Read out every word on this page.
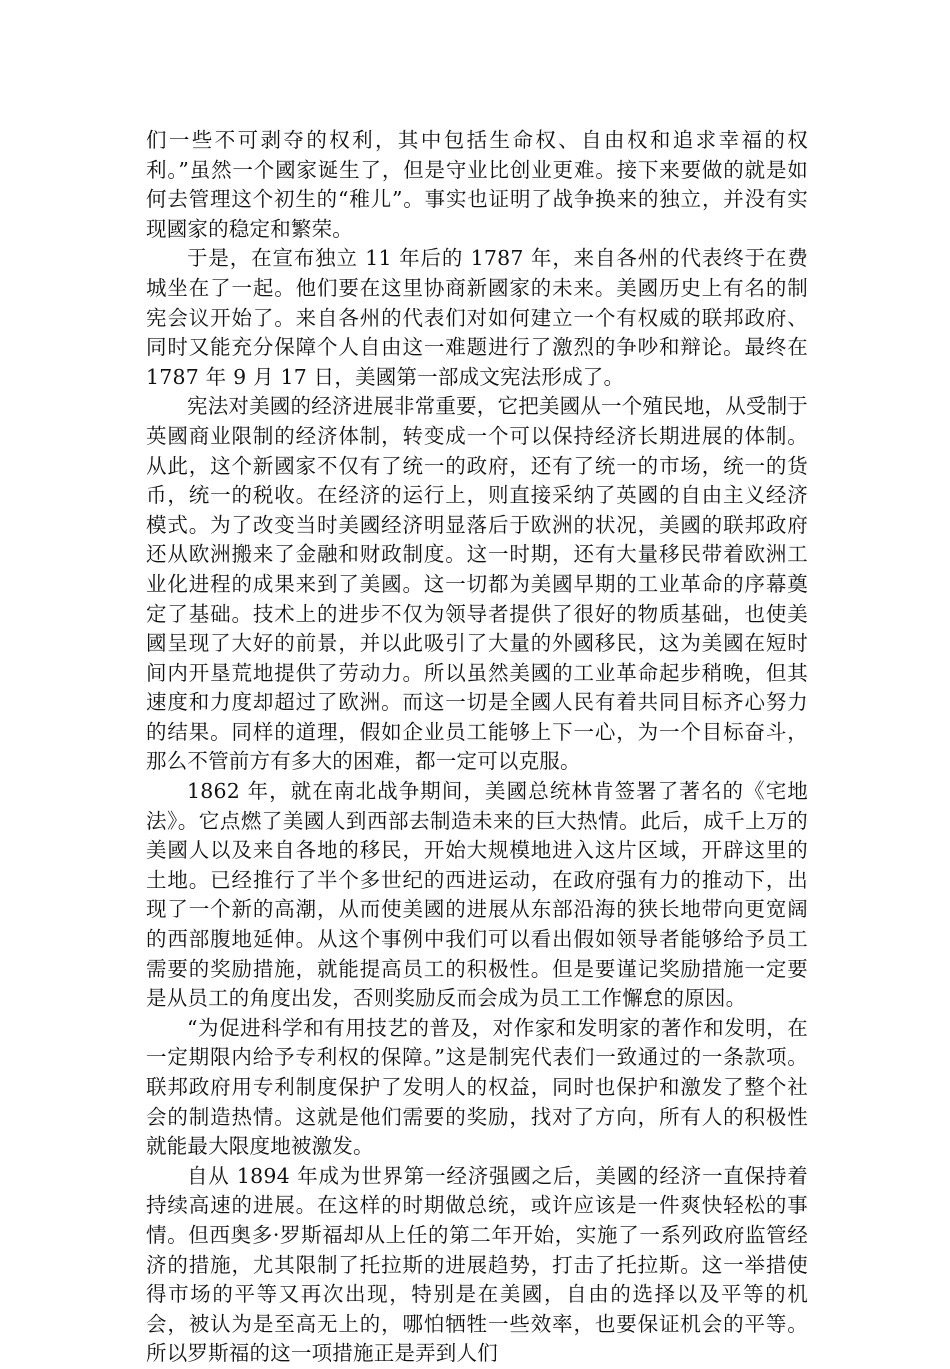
们一些不可剥夺的权利，其中包括生命权、自由权和追求幸福的权利。”虽然一个國家诞生了，但是守业比创业更难。接下来要做的就是如何去管理这个初生的“稚儿”。事实也证明了战争换来的独立，并没有实现國家的稳定和繁荣。

于是，在宣布独立 11 年后的 1787 年，来自各州的代表终于在费城坐在了一起。他们要在这里协商新國家的未来。美國历史上有名的制宪会议开始了。来自各州的代表们对如何建立一个有权威的联邦政府、同时又能充分保障个人自由这一难题进行了激烈的争吵和辩论。最终在 1787 年 9 月 17 日，美國第一部成文宪法形成了。

宪法对美國的经济进展非常重要，它把美國从一个殖民地，从受制于英國商业限制的经济体制，转变成一个可以保持经济长期进展的体制。从此，这个新國家不仅有了统一的政府，还有了统一的市场，统一的货币，统一的税收。在经济的运行上，则直接采纳了英國的自由主义经济模式。为了改变当时美國经济明显落后于欧洲的状况，美國的联邦政府还从欧洲搬来了金融和财政制度。这一时期，还有大量移民带着欧洲工业化进程的成果来到了美國。这一切都为美國早期的工业革命的序幕奠定了基础。技术上的进步不仅为领导者提供了很好的物质基础，也使美國呈现了大好的前景，并以此吸引了大量的外國移民，这为美國在短时间内开垦荒地提供了劳动力。所以虽然美國的工业革命起步稍晚，但其速度和力度却超过了欧洲。而这一切是全國人民有着共同目标齐心努力的结果。同样的道理，假如企业员工能够上下一心，为一个目标奋斗，那么不管前方有多大的困难，都一定可以克服。

1862 年，就在南北战争期间，美國总统林肯签署了著名的《宅地法》。它点燃了美國人到西部去制造未来的巨大热情。此后，成千上万的美國人以及来自各地的移民，开始大规模地进入这片区域，开辟这里的土地。已经推行了半个多世纪的西进运动，在政府强有力的推动下，出现了一个新的高潮，从而使美國的进展从东部沿海的狭长地带向更宽阔的西部腹地延伸。从这个事例中我们可以看出假如领导者能够给予员工需要的奖励措施，就能提高员工的积极性。但是要谨记奖励措施一定要是从员工的角度出发，否则奖励反而会成为员工工作懈怠的原因。

“为促进科学和有用技艺的普及，对作家和发明家的著作和发明，在一定期限内给予专利权的保障。”这是制宪代表们一致通过的一条款项。联邦政府用专利制度保护了发明人的权益，同时也保护和激发了整个社会的制造热情。这就是他们需要的奖励，找对了方向，所有人的积极性就能最大限度地被激发。

自从 1894 年成为世界第一经济强國之后，美國的经济一直保持着持续高速的进展。在这样的时期做总统，或许应该是一件爽快轻松的事情。但西奥多·罗斯福却从上任的第二年开始，实施了一系列政府监管经济的措施，尤其限制了托拉斯的进展趋势，打击了托拉斯。这一举措使得市场的平等又再次出现，特别是在美國，自由的选择以及平等的机会，被认为是至高无上的，哪怕牺牲一些效率，也要保证机会的平等。所以罗斯福的这一项措施正是弄到人们
